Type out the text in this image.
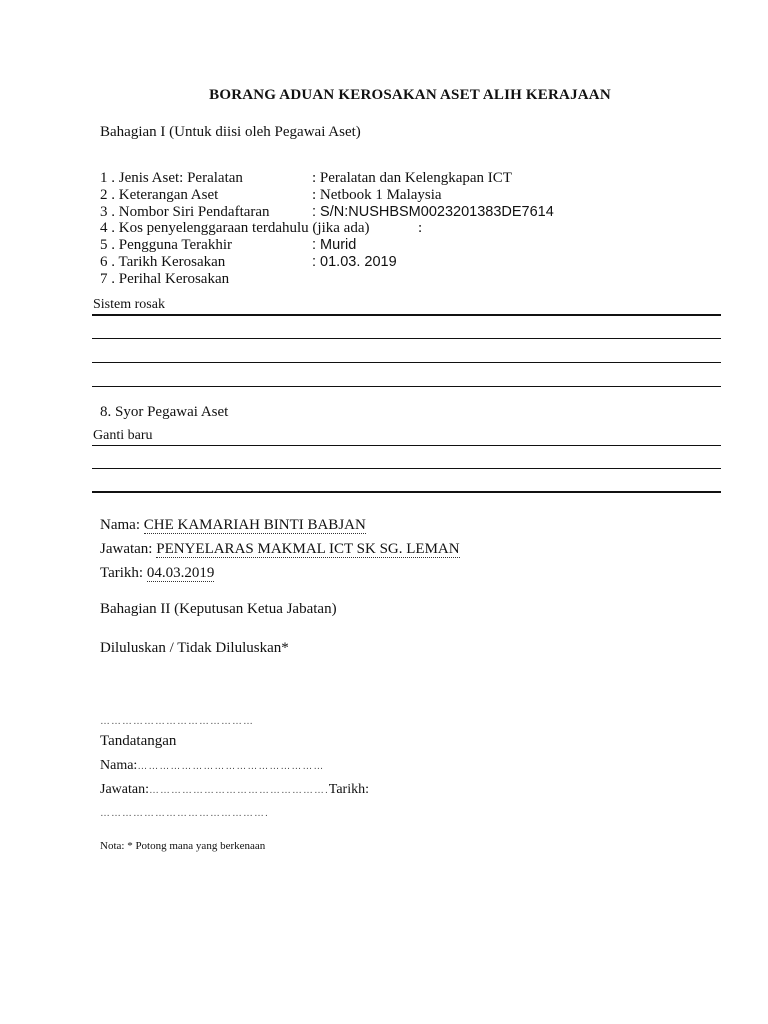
BORANG ADUAN KEROSAKAN ASET ALIH KERAJAAN
Bahagian I (Untuk diisi oleh Pegawai Aset)
1 . Jenis Aset: Peralatan	: Peralatan dan Kelengkapan ICT
2 . Keterangan Aset	: Netbook 1 Malaysia
3 . Nombor Siri Pendaftaran	: S/N:NUSHBSM0023201383DE7614
4 . Kos penyelenggaraan terdahulu (jika ada)	:
5 . Pengguna Terakhir	: Murid
6 . Tarikh Kerosakan	: 01.03. 2019
7 . Perihal Kerosakan
Sistem rosak
8. Syor Pegawai Aset
Ganti baru
Nama: CHE KAMARIAH BINTI BABJAN
Jawatan: PENYELARAS MAKMAL ICT SK SG. LEMAN
Tarikh: 04.03.2019
Bahagian II (Keputusan Ketua Jabatan)
Diluluskan / Tidak Diluluskan*
……………………………………
Tandatangan
Nama:……………………………………………
Jawatan:………………………………………….Tarikh:
……………………………………….
Nota: * Potong mana yang berkenaan
